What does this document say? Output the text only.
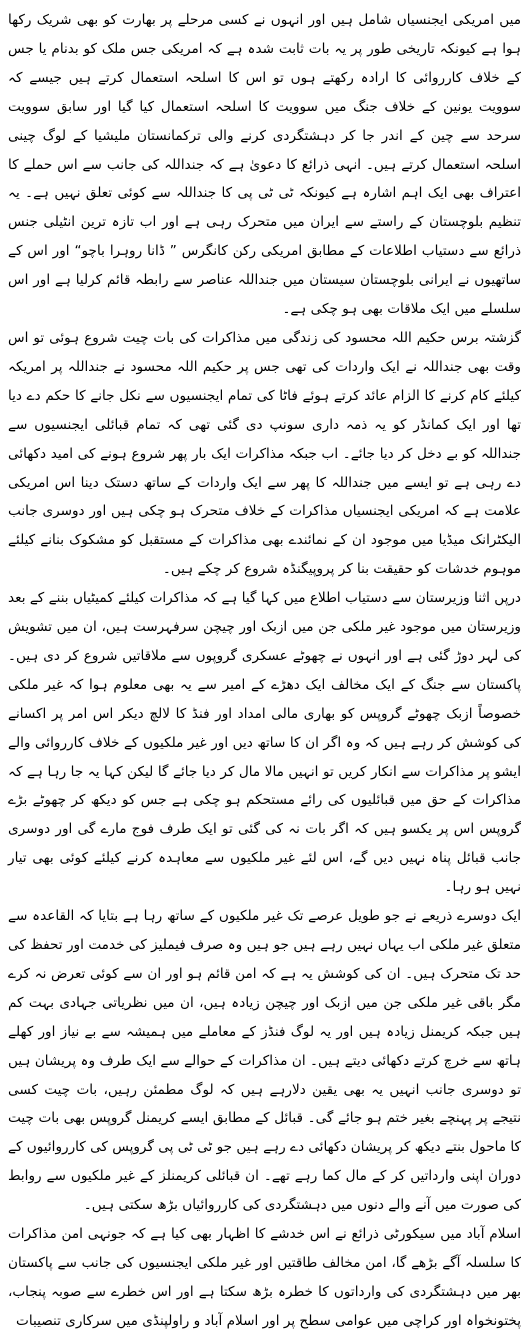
میں امریکی ایجنسیاں شامل ہیں اور انہوں نے کسی مرحلے پر بھارت کو بھی شریک رکھا ہوا ہے کیونکہ تاریخی طور پر یہ بات ثابت شدہ ہے کہ امریکی جس ملک کو بدنام یا جس کے خلاف کارروائی کا ارادہ رکھتے ہوں تو اس کا اسلحہ استعمال کرتے ہیں جیسے کہ سوویت یونین کے خلاف جنگ میں سوویت کا اسلحہ استعمال کیا گیا اور سابق سوویت سرحد سے چین کے اندر جا کر دہشتگردی کرنے والی ترکمانستان ملیشیا کے لوگ چینی اسلحہ استعمال کرتے ہیں۔ انہی ذرائع کا دعویٰ ہے کہ جنداللہ کی جانب سے اس حملے کا اعتراف بھی ایک اہم اشارہ ہے کیونکہ ٹی ٹی پی کا جنداللہ سے کوئی تعلق نہیں ہے۔ یہ تنظیم بلوچستان کے راستے سے ایران میں متحرک رہی ہے اور اب تازہ ترین انٹیلی جنس ذرائع سے دستیاب اطلاعات کے مطابق امریکی رکن کانگرس ” ڈانا روہرا باچو“ اور اس کے ساتھیوں نے ایرانی بلوچستان سیستان میں جنداللہ عناصر سے رابطہ قائم کرلیا ہے اور اس سلسلے میں ایک ملاقات بھی ہو چکی ہے۔

گزشتہ برس حکیم اللہ محسود کی زندگی میں مذاکرات کی بات چیت شروع ہوئی تو اس وقت بھی جنداللہ نے ایک واردات کی تھی جس پر حکیم اللہ محسود نے جنداللہ پر امریکہ کیلئے کام کرنے کا الزام عائد کرتے ہوئے فاٹا کی تمام ایجنسیوں سے نکل جانے کا حکم دے دیا تھا اور ایک کمانڈر کو یہ ذمہ داری سونپ دی گئی تھی کہ تمام قبائلی ایجنسیوں سے جنداللہ کو بے دخل کر دیا جائے۔ اب جبکہ مذاکرات ایک بار پھر شروع ہونے کی امید دکھائی دے رہی ہے تو ایسے میں جنداللہ کا پھر سے ایک واردات کے ساتھ دستک دینا اس امریکی علامت ہے کہ امریکی ایجنسیاں مذاکرات کے خلاف متحرک ہو چکی ہیں اور دوسری جانب الیکٹرانک میڈیا میں موجود ان کے نمائندے بھی مذاکرات کے مستقبل کو مشکوک بنانے کیلئے موہوم خدشات کو حقیقت بنا کر پروپیگنڈہ شروع کر چکے ہیں۔

درپں اثنا وزیرستان سے دستیاب اطلاع میں کہا گیا ہے کہ مذاکرات کیلئے کمیٹیاں بننے کے بعد وزیرستان میں موجود غیر ملکی جن میں ازبک اور چیچن سرفہرست ہیں، ان میں تشویش کی لہر دوڑ گئی ہے اور انہوں نے چھوٹے عسکری گروپوں سے ملاقاتیں شروع کر دی ہیں۔ پاکستان سے جنگ کے ایک مخالف ایک دھڑے کے امیر سے یہ بھی معلوم ہوا کہ غیر ملکی خصوصاً ازبک چھوٹے گروپس کو بھاری مالی امداد اور فنڈ کا لالچ دیکر اس امر پر اکسانے کی کوشش کر رہے ہیں کہ وہ اگر ان کا ساتھ دیں اور غیر ملکیوں کے خلاف کارروائی والے ایشو پر مذاکرات سے انکار کریں تو انہیں مالا مال کر دیا جائے گا لیکن کہا یہ جا رہا ہے کہ مذاکرات کے حق میں قبائلیوں کی رائے مستحکم ہو چکی ہے جس کو دیکھ کر چھوٹے بڑے گروپس اس پر یکسو ہیں کہ اگر بات نہ کی گئی تو ایک طرف فوج مارے گی اور دوسری جانب قبائل پناہ نہیں دیں گے، اس لئے غیر ملکیوں سے معاہدہ کرنے کیلئے کوئی بھی تیار نہیں ہو رہا۔

ایک دوسرے ذریعے نے جو طویل عرصے تک غیر ملکیوں کے ساتھ رہا ہے بتایا کہ القاعدہ سے متعلق غیر ملکی اب یہاں نہیں رہے ہیں جو ہیں وہ صرف فیملیز کی خدمت اور تحفظ کی حد تک متحرک ہیں۔ ان کی کوشش یہ ہے کہ امن قائم ہو اور ان سے کوئی تعرض نہ کرے مگر باقی غیر ملکی جن میں ازبک اور چیچن زیادہ ہیں، ان میں نظریاتی جہادی بہت کم ہیں جبکہ کریمنل زیادہ ہیں اور یہ لوگ فنڈز کے معاملے میں ہمیشہ سے بے نیاز اور کھلے ہاتھ سے خرچ کرتے دکھائی دیتے ہیں۔ ان مذاکرات کے حوالے سے ایک طرف وہ پریشان ہیں تو دوسری جانب انہیں یہ بھی یقین دلارہے ہیں کہ لوگ مطمئن رہیں، بات چیت کسی نتیجے پر پہنچے بغیر ختم ہو جائے گی۔ قبائل کے مطابق ایسے کریمنل گروپس بھی بات چیت کا ماحول بنتے دیکھ کر پریشان دکھائی دے رہے ہیں جو ٹی ٹی پی گروپس کی کارروائیوں کے دوران اپنی وارداتیں کر کے مال کما رہے تھے۔ ان قبائلی کریمنلز کے غیر ملکیوں سے روابط کی صورت میں آنے والے دنوں میں دہشتگردی کی کارروائیاں بڑھ سکتی ہیں۔

اسلام آباد میں سیکورٹی ذرائع نے اس خدشے کا اظہار بھی کیا ہے کہ جونہی امن مذاکرات کا سلسلہ آگے بڑھے گا، امن مخالف طاقتیں اور غیر ملکی ایجنسیوں کی جانب سے پاکستان بھر میں دہشتگردی کی وارداتوں کا خطرہ بڑھ سکتا ہے اور اس خطرے سے صوبہ پنجاب، پختونخواہ اور کراچی میں عوامی سطح پر اور اسلام آباد و راولپنڈی میں سرکاری تنصیبات
